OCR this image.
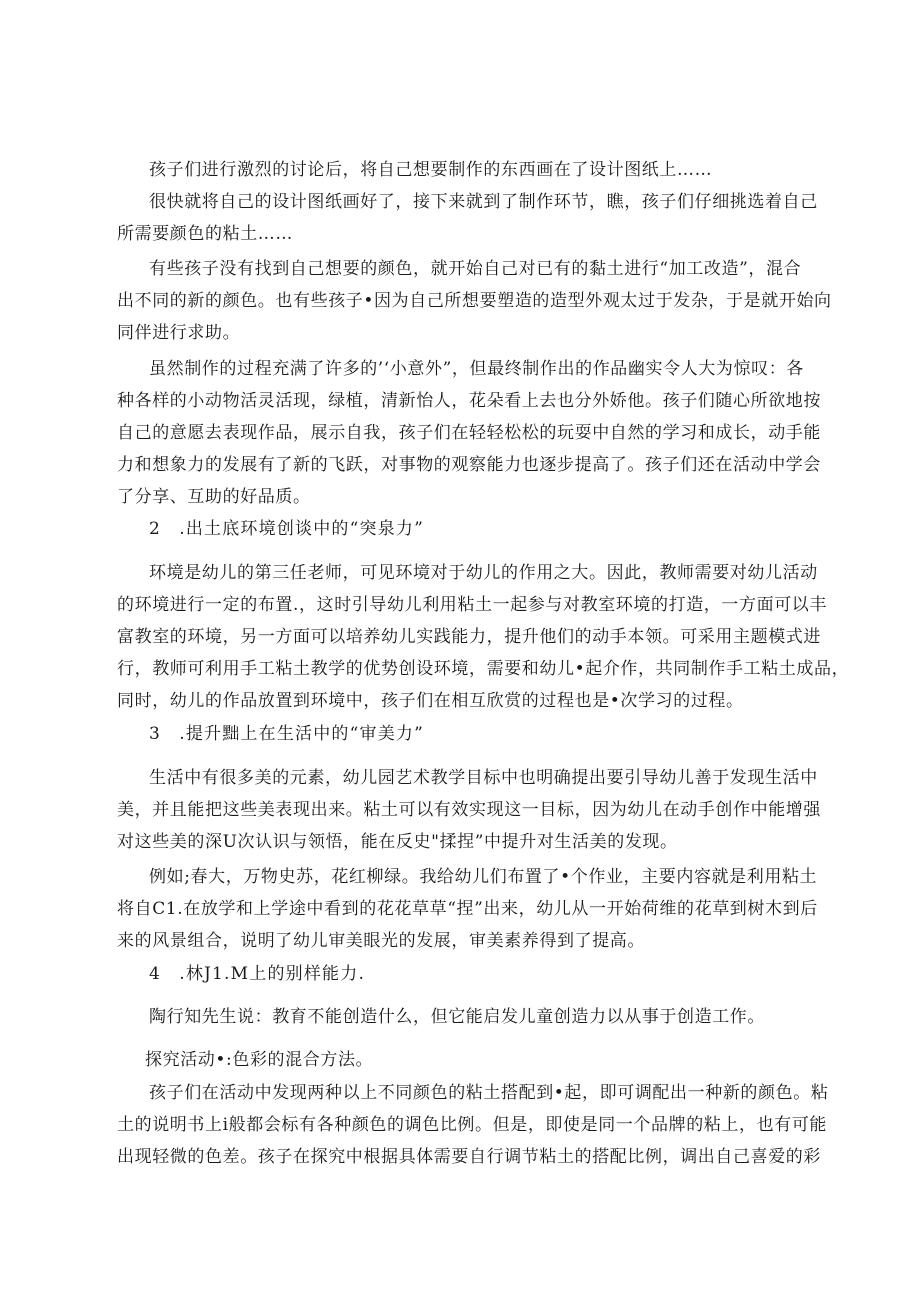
孩子们进行激烈的讨论后，将自己想要制作的东西画在了设计图纸上……

很快就将自己的设计图纸画好了，接下来就到了制作环节，瞧，孩子们仔细挑选着自己

所需要颜色的粘土……

有些孩子没有找到自己想要的颜色，就开始自己对已有的黏土进行“加工改造”，混合

出不同的新的颜色。也有些孩子•因为自己所想要塑造的造型外观太过于发杂，于是就开始向

同伴进行求助。

虽然制作的过程充满了许多的’‘小意外”，但最终制作出的作品幽实令人大为惊叹：各

种各样的小动物活灵活现，绿植，清新怡人，花朵看上去也分外娇他。孩子们随心所欲地按

自己的意愿去表现作品，展示自我，孩子们在轻轻松松的玩耍中自然的学习和成长，动手能

力和想象力的发展有了新的飞跃，对事物的观察能力也逐步提高了。孩子们还在活动中学会

了分享、互助的好品质。

2　.出土底环境创谈中的“突泉力”

环境是幼儿的第三任老师，可见环境对于幼儿的作用之大。因此，教师需要对幼儿活动

的环境进行一定的布置.，这时引导幼儿利用粘土一起参与对教室环境的打造，一方面可以丰

富教室的环境，另一方面可以培养幼儿实践能力，提升他们的动手本领。可采用主题模式进

行，教师可利用手工粘土教学的优势创设环境，需要和幼儿•起介作，共同制作手工粘土成品，

同时，幼儿的作品放置到环境中，孩子们在相互欣赏的过程也是•次学习的过程。

3　.提升黜上在生活中的“审美力”

生活中有很多美的元素，幼儿园艺术教学目标中也明确提出要引导幼儿善于发现生活中

美，并且能把这些美表现出来。粘土可以有效实现这一目标，因为幼儿在动手创作中能增强

对这些美的深U次认识与领悟，能在反史"揉捏”中提升对生活美的发现。

例如;春大，万物史苏，花红柳绿。我给幼儿们布置了•个作业，主要内容就是利用粘土

将自C1.在放学和上学途中看到的花花草草“捏”出来，幼儿从一开始荷维的花草到树木到后

来的风景组合，说明了幼儿审美眼光的发展，审美素养得到了提高。

4　.林J1.M上的别样能力.

陶行知先生说：教育不能创造什么，但它能启发儿童创造力以从事于创造工作。

探究活动•:色彩的混合方法。

孩子们在活动中发现两种以上不同颜色的粘土搭配到•起，即可调配出一种新的颜色。粘

土的说明书上i般都会标有各种颜色的调色比例。但是，即使是同一个品牌的粘上，也有可能

出现轻微的色差。孩子在探究中根据具体需要自行调节粘土的搭配比例，调出自己喜爱的彩
